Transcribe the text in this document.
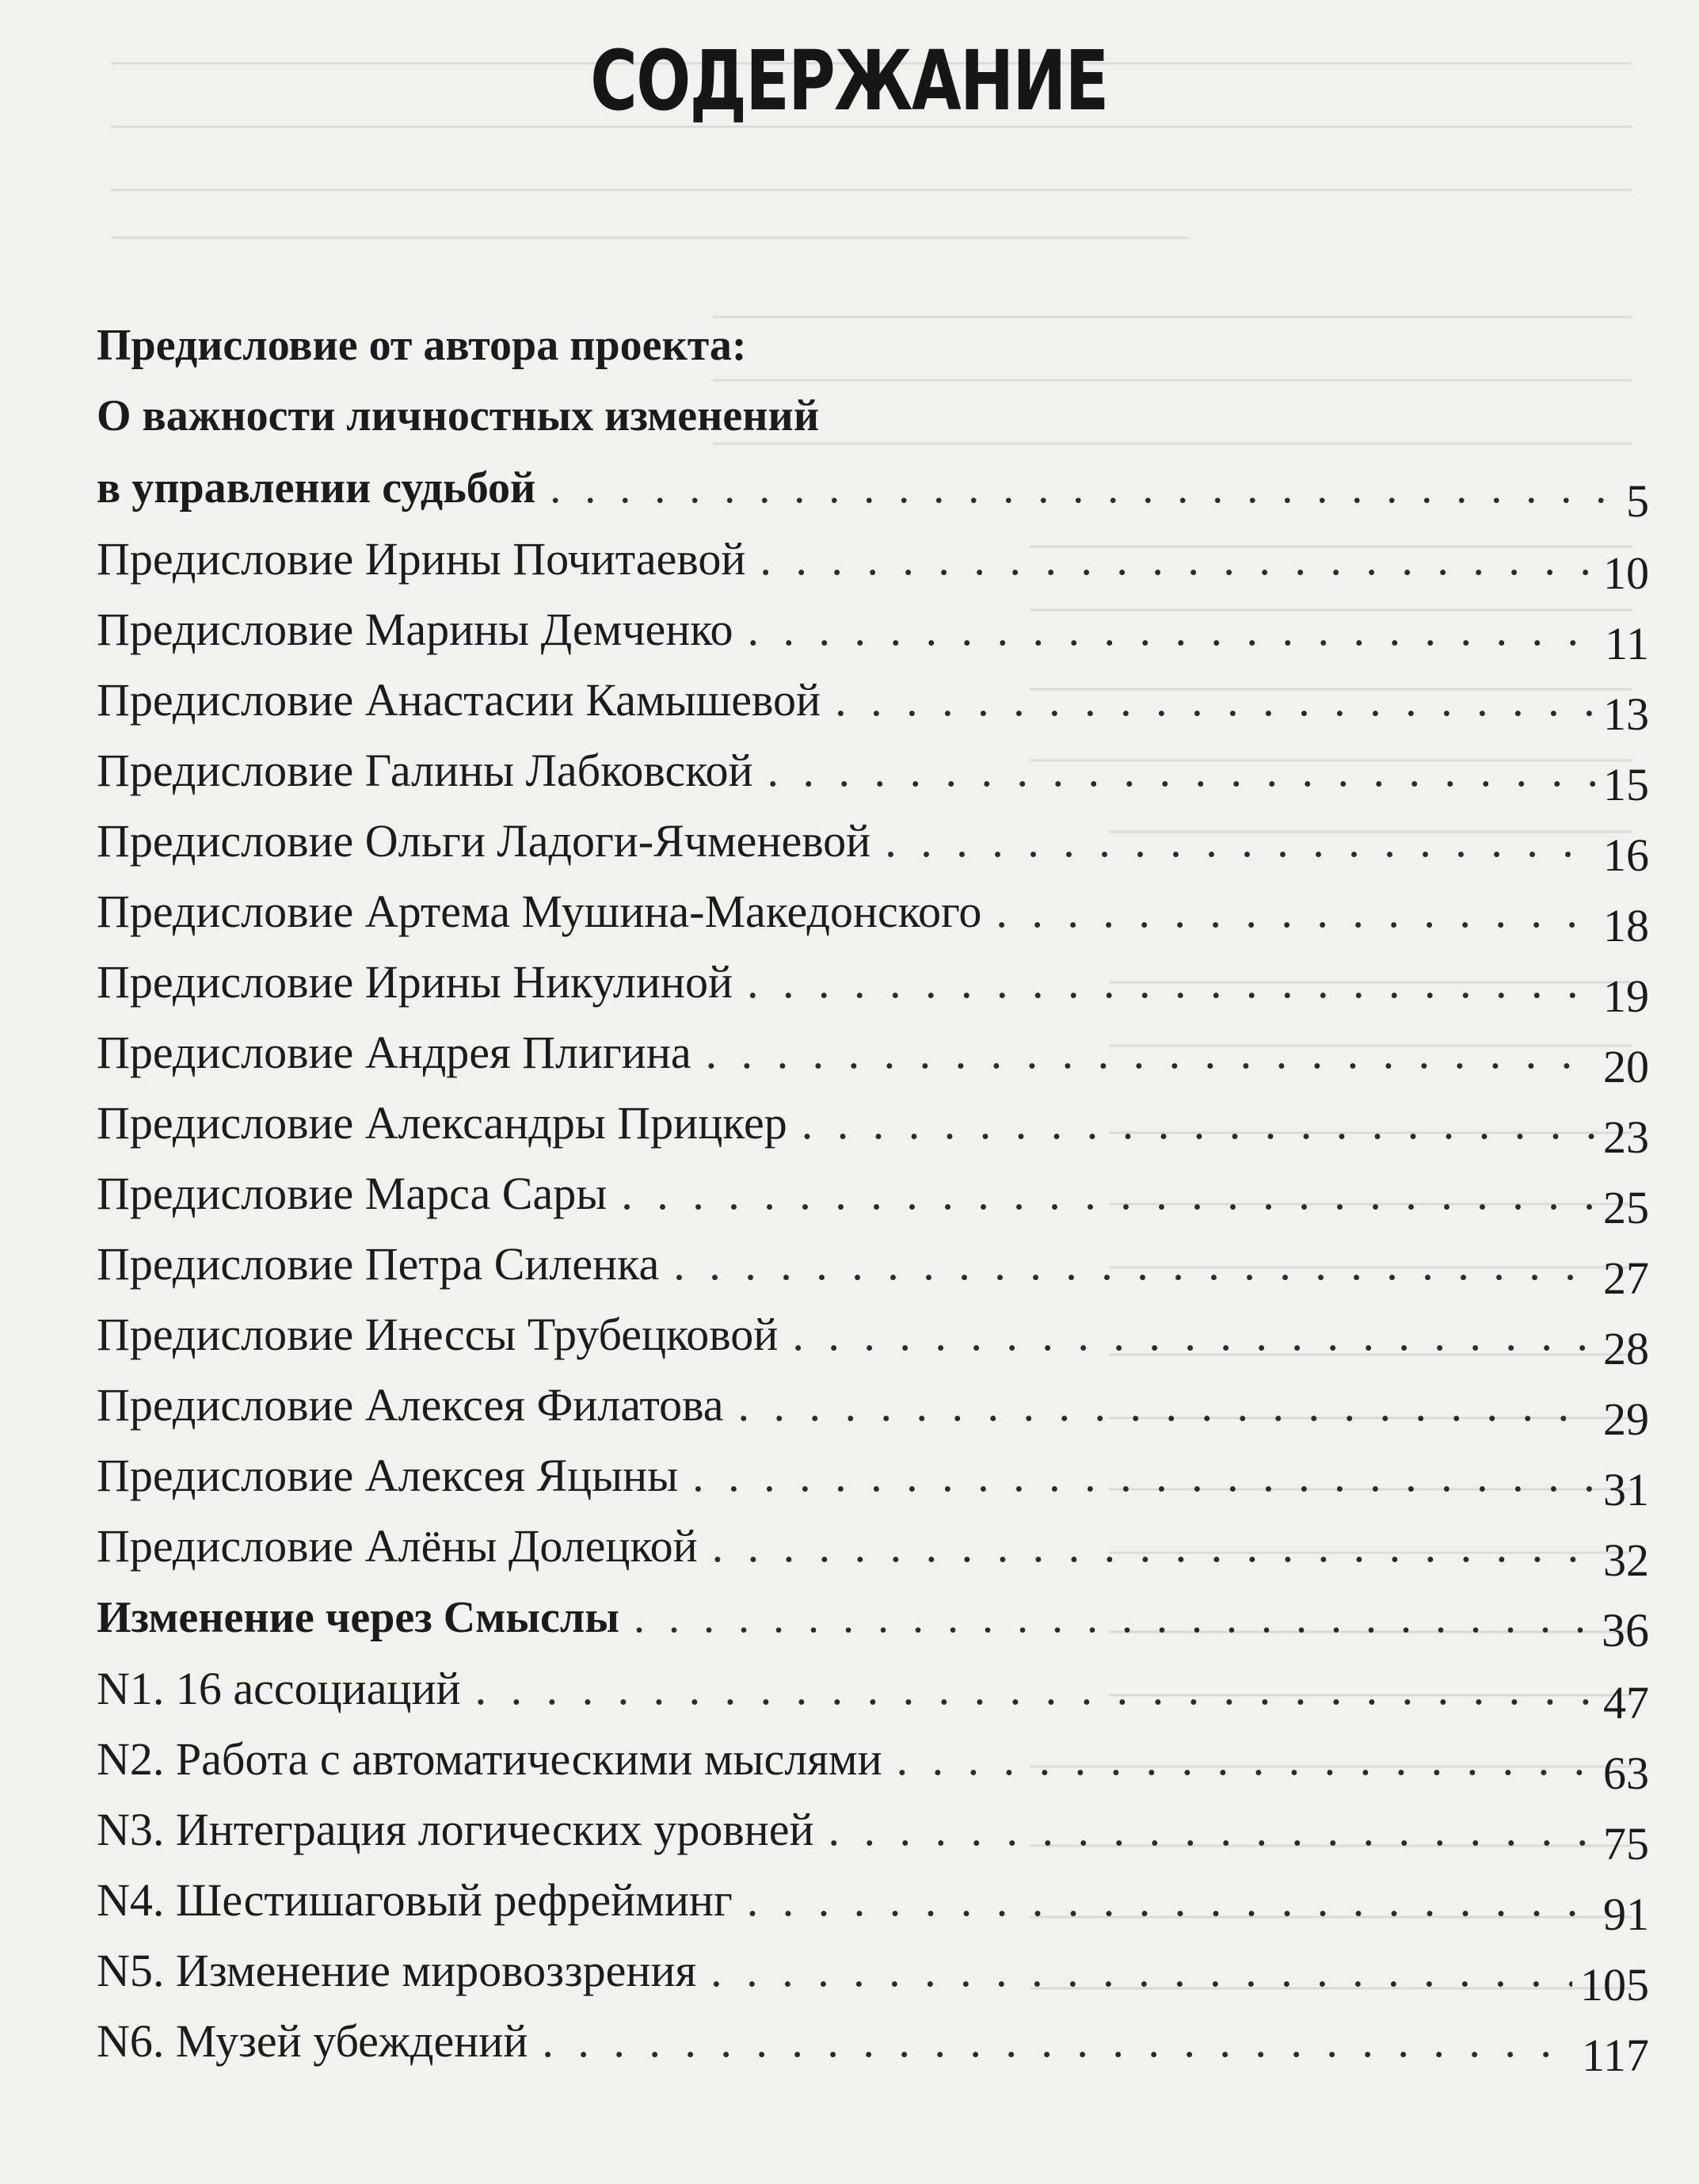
СОДЕРЖАНИЕ
Предисловие от автора проекта:
О важности личностных изменений
в управлении судьбой . . .	5
Предисловие Ирины Почитаевой . . .	10
Предисловие Марины Демченко . . .	11
Предисловие Анастасии Камышевой . . .	13
Предисловие Галины Лабковской . . .	15
Предисловие Ольги Ладоги-Ячменевой . . .	16
Предисловие Артема Мушина-Македонского . . .	18
Предисловие Ирины Никулиной . . .	19
Предисловие Андрея Плигина . . .	20
Предисловие Александры Прицкер . . .	23
Предисловие Марса Сары . . .	25
Предисловие Петра Силенка . . .	27
Предисловие Инессы Трубецковой . . .	28
Предисловие Алексея Филатова . . .	29
Предисловие Алексея Яцыны . . .	31
Предисловие Алёны Долецкой . . .	32
Изменение через Смыслы . . .	36
N1. 16 ассоциаций . . .	47
N2. Работа с автоматическими мыслями . . .	63
N3. Интеграция логических уровней . . .	75
N4. Шестишаговый рефрейминг . . .	91
N5. Изменение мировоззрения . . .	105
N6. Музей убеждений . . .	117
